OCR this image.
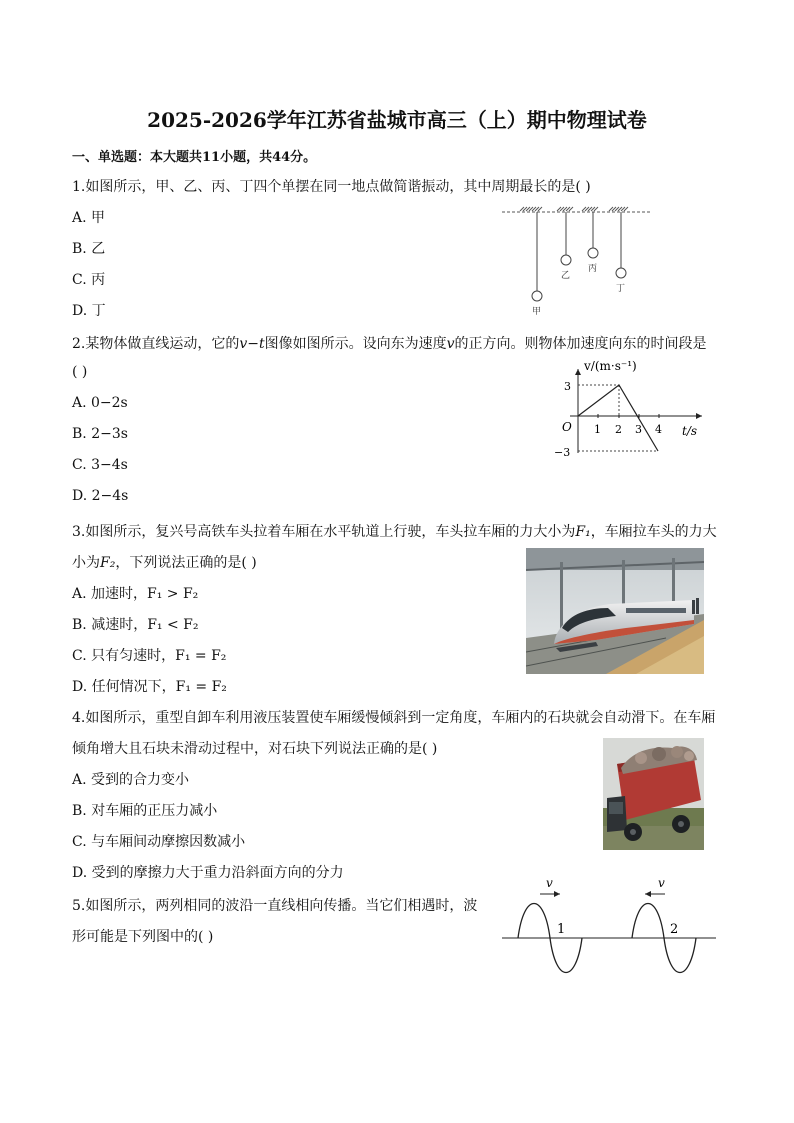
2025-2026学年江苏省盐城市高三（上）期中物理试卷
一、单选题：本大题共11小题，共44分。
1.如图所示，甲、乙、丙、丁四个单摆在同一地点做简谐振动，其中周期最长的是( )
A. 甲
B. 乙
C. 丙
D. 丁	甲
乙
丙
丁
2.某物体做直线运动，它的v−t图像如图所示。设向东为速度v的正方向。则物体加速度向东的时间段是
( )
A. 0−2s
B. 2−3s
C. 3−4s
D. 2−4s
v/(m·s⁻¹)
t/s
O 1 2 3 4
3
−3
3.如图所示，复兴号高铁车头拉着车厢在水平轨道上行驶，车头拉车厢的力大小为F₁，车厢拉车头的力大
小为F₂，下列说法正确的是( )
A. 加速时，F₁ > F₂
B. 减速时，F₁ < F₂
C. 只有匀速时，F₁ = F₂
D. 任何情况下，F₁ = F₂
4.如图所示，重型自卸车利用液压装置使车厢缓慢倾斜到一定角度，车厢内的石块就会自动滑下。在车厢
倾角增大且石块未滑动过程中，对石块下列说法正确的是( )
A. 受到的合力变小
B. 对车厢的正压力减小
C. 与车厢间动摩擦因数减小
D. 受到的摩擦力大于重力沿斜面方向的分力
5.如图所示，两列相同的波沿一直线相向传播。当它们相遇时，波
形可能是下列图中的( )	1	2
v	v
